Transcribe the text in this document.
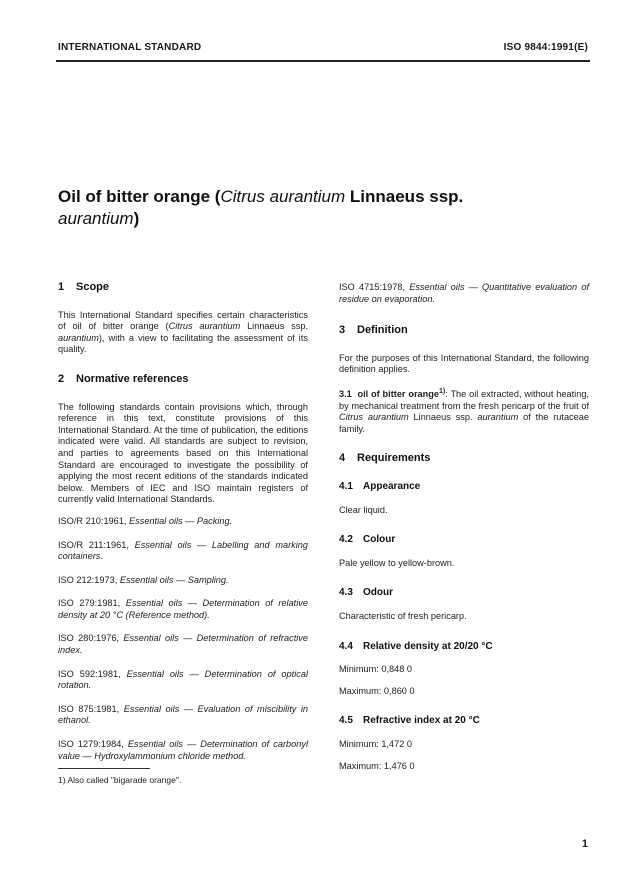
INTERNATIONAL STANDARD	ISO 9844:1991(E)
Oil of bitter orange (Citrus aurantium Linnaeus ssp.
aurantium)
1 Scope

This International Standard specifies certain characteristics of oil of bitter orange (Citrus aurantium Linnaeus ssp. aurantium), with a view to facilitating the assessment of its quality.

2 Normative references

The following standards contain provisions which, through reference in this text, constitute provisions of this International Standard. At the time of publication, the editions indicated were valid. All standards are subject to revision, and parties to agreements based on this International Standard are encouraged to investigate the possibility of applying the most recent editions of the standards indicated below. Members of IEC and ISO maintain registers of currently valid International Standards.

ISO/R 210:1961, Essential oils — Packing.
ISO/R 211:1961, Essential oils — Labelling and marking containers.
ISO 212:1973, Essential oils — Sampling.
ISO 279:1981, Essential oils — Determination of relative density at 20 °C (Reference method).
ISO 280:1976, Essential oils — Determination of refractive index.
ISO 592:1981, Essential oils — Determination of optical rotation.
ISO 875:1981, Essential oils — Evaluation of miscibility in ethanol.
ISO 1279:1984, Essential oils — Determination of carbonyl value — Hydroxylammonium chloride method.
1) Also called "bigarade orange".
ISO 4715:1978, Essential oils — Quantitative evaluation of residue on evaporation.
3 Definition

For the purposes of this International Standard, the following definition applies.

3.1 oil of bitter orange$^{1)}$: The oil extracted, without heating, by mechanical treatment from the fresh pericarp of the fruit of Citrus aurantium Linnaeus ssp. aurantium of the rutaceae family.

4 Requirements
4.1 Appearance

Clear liquid.

4.2 Colour

Pale yellow to yellow-brown.

4.3 Odour

Characteristic of fresh pericarp.

4.4 Relative density at 20/20 °C

Minimum: 0,848 0

Maximum: 0,860 0

4.5 Refractive index at 20 °C

Minimum: 1,472 0

Maximum: 1,476 0

1
